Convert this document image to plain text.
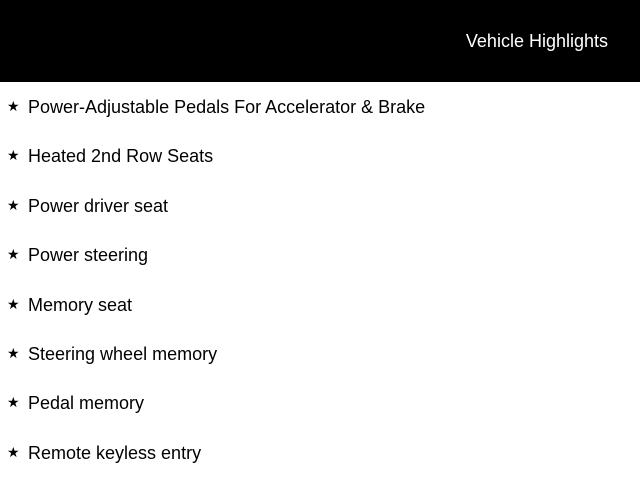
Vehicle Highlights
★ Power-Adjustable Pedals For Accelerator & Brake
★ Heated 2nd Row Seats
★ Power driver seat
★ Power steering
★ Memory seat
★ Steering wheel memory
★ Pedal memory
★ Remote keyless entry
